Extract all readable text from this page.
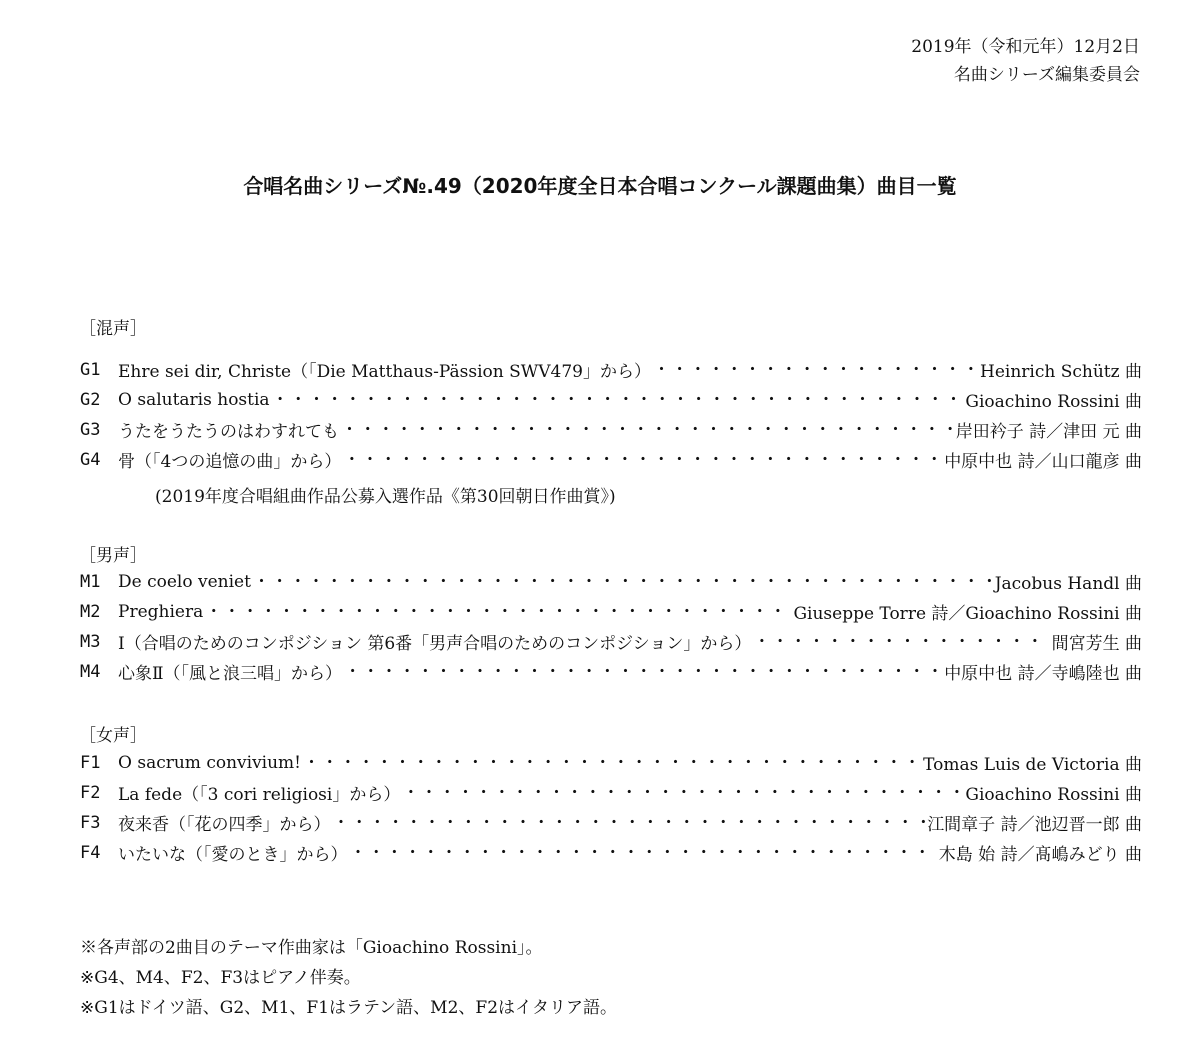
2019年（令和元年）12月2日
名曲シリーズ編集委員会
合唱名曲シリーズ№.49（2020年度全日本合唱コンクール課題曲集）曲目一覧
［混声］
G1	Ehre sei dir, Christe（「Die Matthaus-Pässion SWV479」から） ・・・・・・・・・・・・・・・・・・・・・・・・・・・・・・・・・・・・・・・・・・・・・・・・・・・・・・・・・・・・・・・・・・・・・・・・・・・・・・・・・・・・・・・・・・・・・・・・・・・・・・・・・・・・・・・・	Heinrich Schütz 曲
G2	O salutaris hostia ・・・・・・・・・・・・・・・・・・・・・・・・・・・・・・・・・・・・・・・・・・・・・・・・・・・・・・・・・・・・・・・・・・・・・・・・・・・・・・・・・・・・・・・・・・・・・・・・・・・・・・・・・・・・・・・・	Gioachino Rossini 曲
G3	うたをうたうのはわすれても ・・・・・・・・・・・・・・・・・・・・・・・・・・・・・・・・・・・・・・・・・・・・・・・・・・・・・・・・・・・・・・・・・・・・・・・・・・・・・・・・・・・・・・・・・・・・・・・・・・・・・・・・・・・・・・・・	岸田衿子 詩／津田 元 曲
G4	骨（「4つの追憶の曲」から） ・・・・・・・・・・・・・・・・・・・・・・・・・・・・・・・・・・・・・・・・・・・・・・・・・・・・・・・・・・・・・・・・・・・・・・・・・・・・・・・・・・・・・・・・・・・・・・・・・・・・・・・・・・・・・・・・	中原中也 詩／山口龍彦 曲
(2019年度合唱組曲作品公募入選作品《第30回朝日作曲賞》)
［男声］
M1	De coelo veniet ・・・・・・・・・・・・・・・・・・・・・・・・・・・・・・・・・・・・・・・・・・・・・・・・・・・・・・・・・・・・・・・・・・・・・・・・・・・・・・・・・・・・・・・・・・・・・・・・・・・・・・・・・・・・・・・・	Jacobus Handl 曲
M2	Preghiera ・・・・・・・・・・・・・・・・・・・・・・・・・・・・・・・・・・・・・・・・・・・・・・・・・・・・・・・・・・・・・・・・・・・・・・・・・・・・・・・・・・・・・・・・・・・・・・・・・・・・・・・・・・・・・・・・	Giuseppe Torre 詩／Gioachino Rossini 曲
M3	Ⅰ（合唱のためのコンポジション 第6番「男声合唱のためのコンポジション」から） ・・・・・・・・・・・・・・・・・・・・・・・・・・・・・・・・・・・・・・・・・・・・・・・・・・・・・・・・・・・・・・・・・・・・・・・・・・・・・・・・・・・・・・・・・・・・・・・・・・・・・・・・・・・・・・・・	間宮芳生 曲
M4	心象Ⅱ（「風と浪三唱」から） ・・・・・・・・・・・・・・・・・・・・・・・・・・・・・・・・・・・・・・・・・・・・・・・・・・・・・・・・・・・・・・・・・・・・・・・・・・・・・・・・・・・・・・・・・・・・・・・・・・・・・・・・・・・・・・・・	中原中也 詩／寺嶋陸也 曲
［女声］
F1	O sacrum convivium! ・・・・・・・・・・・・・・・・・・・・・・・・・・・・・・・・・・・・・・・・・・・・・・・・・・・・・・・・・・・・・・・・・・・・・・・・・・・・・・・・・・・・・・・・・・・・・・・・・・・・・・・・・・・・・・・・	Tomas Luis de Victoria 曲
F2	La fede（「3 cori religiosi」から） ・・・・・・・・・・・・・・・・・・・・・・・・・・・・・・・・・・・・・・・・・・・・・・・・・・・・・・・・・・・・・・・・・・・・・・・・・・・・・・・・・・・・・・・・・・・・・・・・・・・・・・・・・・・・・・・・	Gioachino Rossini 曲
F3	夜来香（「花の四季」から） ・・・・・・・・・・・・・・・・・・・・・・・・・・・・・・・・・・・・・・・・・・・・・・・・・・・・・・・・・・・・・・・・・・・・・・・・・・・・・・・・・・・・・・・・・・・・・・・・・・・・・・・・・・・・・・・・	江間章子 詩／池辺晋一郎 曲
F4	いたいな（「愛のとき」から） ・・・・・・・・・・・・・・・・・・・・・・・・・・・・・・・・・・・・・・・・・・・・・・・・・・・・・・・・・・・・・・・・・・・・・・・・・・・・・・・・・・・・・・・・・・・・・・・・・・・・・・・・・・・・・・・・	木島 始 詩／髙嶋みどり 曲
※各声部の2曲目のテーマ作曲家は「Gioachino Rossini」。
※G4、M4、F2、F3はピアノ伴奏。
※G1はドイツ語、G2、M1、F1はラテン語、M2、F2はイタリア語。
